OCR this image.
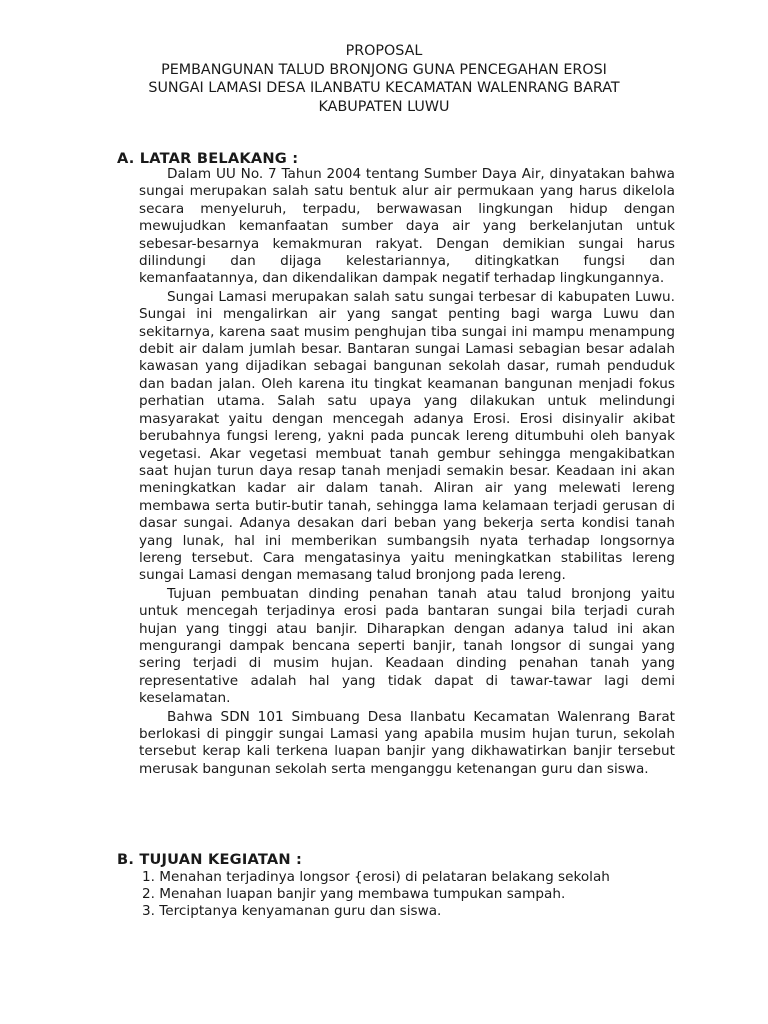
PROPOSAL
PEMBANGUNAN TALUD BRONJONG GUNA PENCEGAHAN EROSI
SUNGAI LAMASI DESA ILANBATU KECAMATAN WALENRANG BARAT
KABUPATEN LUWU
A. LATAR BELAKANG :

Dalam UU No. 7 Tahun 2004 tentang Sumber Daya Air, dinyatakan bahwa sungai merupakan salah satu bentuk alur air permukaan yang harus dikelola secara menyeluruh, terpadu, berwawasan lingkungan hidup dengan mewujudkan kemanfaatan sumber daya air yang berkelanjutan untuk sebesar-besarnya kemakmuran rakyat. Dengan demikian sungai harus dilindungi dan dijaga kelestariannya, ditingkatkan fungsi dan kemanfaatannya, dan dikendalikan dampak negatif terhadap lingkungannya.

Sungai Lamasi merupakan salah satu sungai terbesar di kabupaten Luwu. Sungai ini mengalirkan air yang sangat penting bagi warga Luwu dan sekitarnya, karena saat musim penghujan tiba sungai ini mampu menampung debit air dalam jumlah besar. Bantaran sungai Lamasi sebagian besar adalah kawasan yang dijadikan sebagai bangunan sekolah dasar, rumah penduduk dan badan jalan. Oleh karena itu tingkat keamanan bangunan menjadi fokus perhatian utama. Salah satu upaya yang dilakukan untuk melindungi masyarakat yaitu dengan mencegah adanya Erosi. Erosi disinyalir akibat berubahnya fungsi lereng, yakni pada puncak lereng ditumbuhi oleh banyak vegetasi. Akar vegetasi membuat tanah gembur sehingga mengakibatkan saat hujan turun daya resap tanah menjadi semakin besar. Keadaan ini akan meningkatkan kadar air dalam tanah. Aliran air yang melewati lereng membawa serta butir-butir tanah, sehingga lama kelamaan terjadi gerusan di dasar sungai. Adanya desakan dari beban yang bekerja serta kondisi tanah yang lunak, hal ini memberikan sumbangsih nyata terhadap longsornya lereng tersebut. Cara mengatasinya yaitu meningkatkan stabilitas lereng sungai Lamasi dengan memasang talud bronjong pada lereng.

Tujuan pembuatan dinding penahan tanah atau talud bronjong yaitu untuk mencegah terjadinya erosi pada bantaran sungai bila terjadi curah hujan yang tinggi atau banjir. Diharapkan dengan adanya talud ini akan mengurangi dampak bencana seperti banjir, tanah longsor di sungai yang sering terjadi di musim hujan. Keadaan dinding penahan tanah yang representative adalah hal yang tidak dapat di tawar-tawar lagi demi keselamatan.

Bahwa SDN 101 Simbuang Desa Ilanbatu Kecamatan Walenrang Barat berlokasi di pinggir sungai Lamasi yang apabila musim hujan turun, sekolah tersebut kerap kali terkena luapan banjir yang dikhawatirkan banjir tersebut merusak bangunan sekolah serta menganggu ketenangan guru dan siswa.

B. TUJUAN KEGIATAN :
1. Menahan terjadinya longsor {erosi) di pelataran belakang sekolah
2. Menahan luapan banjir yang membawa tumpukan sampah.
3. Terciptanya kenyamanan guru dan siswa.
